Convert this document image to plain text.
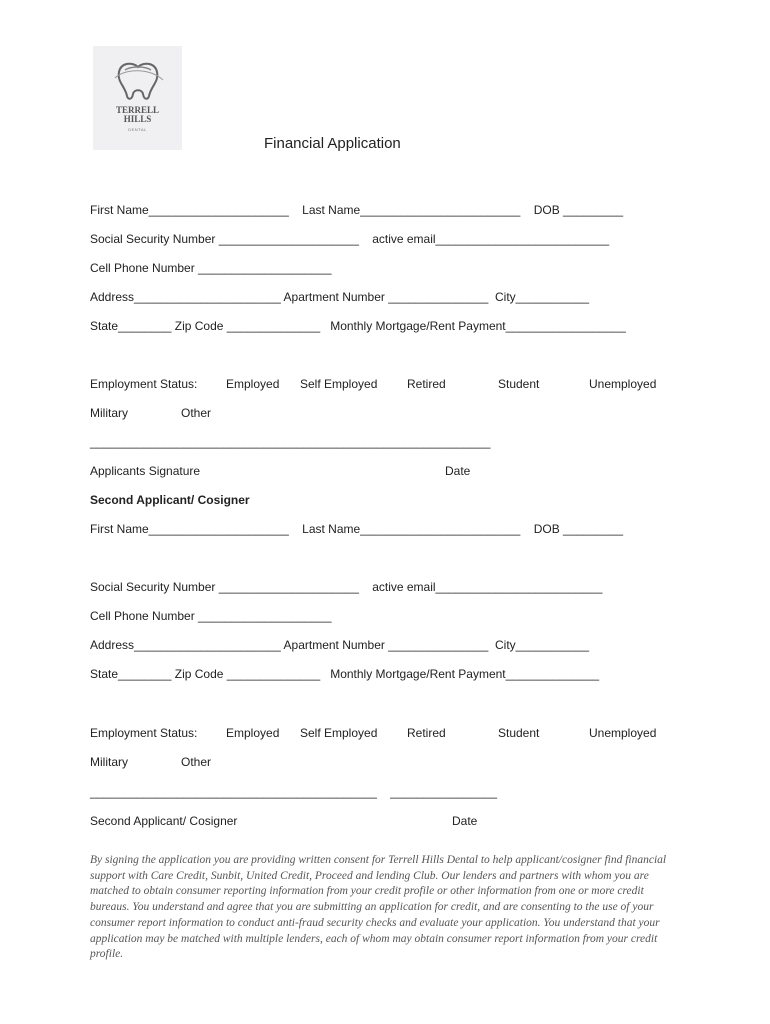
TERRELL
HILLS
DENTAL
Financial Application
First Name_____________________    Last Name________________________    DOB _________
Social Security Number _____________________    active email__________________________
Cell Phone Number ____________________
Address______________________ Apartment Number _______________  City___________
State________ Zip Code ______________   Monthly Mortgage/Rent Payment__________________
Employment Status: Employed Self Employed Retired	Student	Unemployed
Military	Other
____________________________________________________________
Applicants Signature	Date
Second Applicant/ Cosigner
First Name_____________________    Last Name________________________    DOB _________
Social Security Number _____________________    active email_________________________
Cell Phone Number ____________________
Address______________________ Apartment Number _______________  City___________
State________ Zip Code ______________   Monthly Mortgage/Rent Payment______________
Employment Status: Employed Self Employed Retired	Student	Unemployed
Military	Other
___________________________________________    ________________
Second Applicant/ Cosigner	Date
By signing the application you are providing written consent for Terrell Hills Dental to help applicant/cosigner find financial support with Care Credit, Sunbit, United Credit, Proceed and lending Club. Our lenders and partners with whom you are matched to obtain consumer reporting information from your credit profile or other information from one or more credit bureaus. You understand and agree that you are submitting an application for credit, and are consenting to the use of your consumer report information to conduct anti-fraud security checks and evaluate your application. You understand that your application may be matched with multiple lenders, each of whom may obtain consumer report information from your credit profile.
